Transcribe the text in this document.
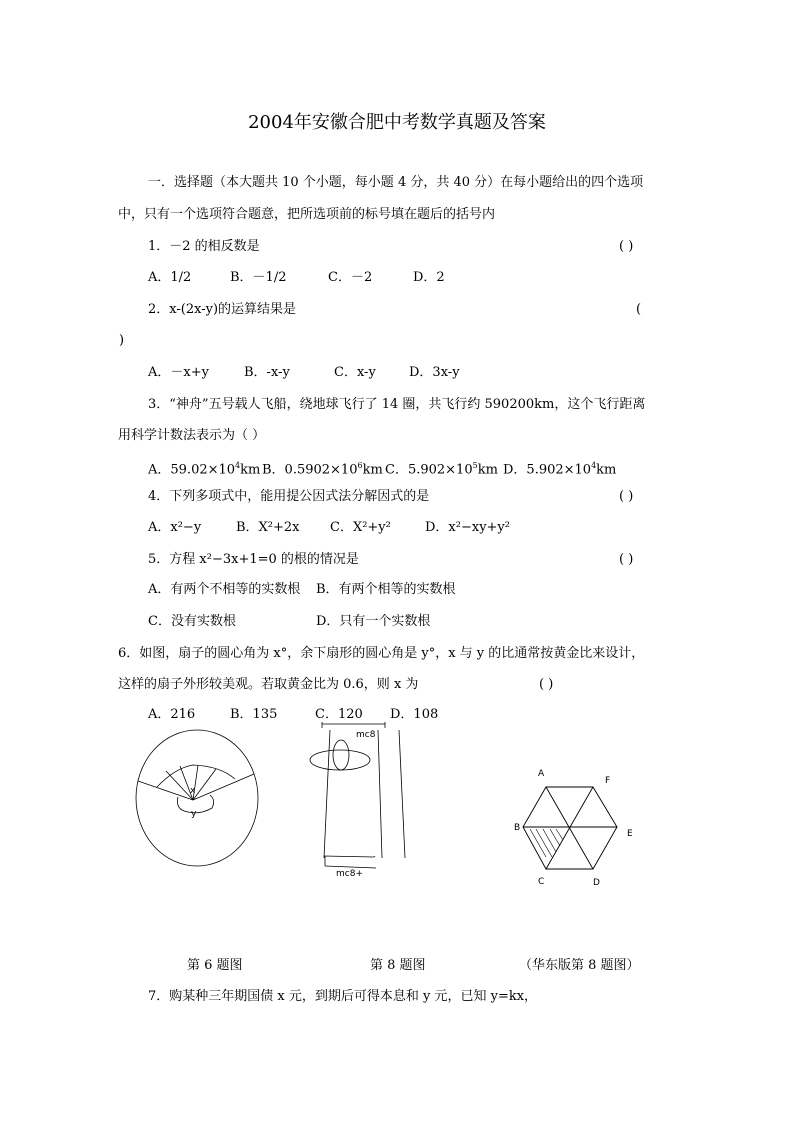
2004年安徽合肥中考数学真题及答案
一．选择题（本大题共 10 个小题，每小题 4 分，共 40 分）在每小题给出的四个选项
中，只有一个选项符合题意，把所选项前的标号填在题后的括号内
1．－2 的相反数是	( )
A．1/2	B．－1/2	C．－2	D．2
2．x-(2x-y)的运算结果是	(
)
A．－x+y	B．-x-y	C．x-y	D．3x-y
3．“神舟”五号载人飞船，绕地球飞行了 14 圈，共飞行约 590200km，这个飞行距离
用科学计数法表示为（ ）
A．$59.02\times 10^4km$ B．$0.5902\times 10^6km$ C．$5.902\times 10^5km$ D．$5.902\times 10^4km$
4．下列多项式中，能用提公因式法分解因式的是	( )
A．x²−y	B．X²+2x C．X²+y²	D．x²−xy+y²
5．方程 x²−3x+1=0 的根的情况是	( )
A．有两个不相等的实数根 B．有两个相等的实数根
C．没有实数根	D．只有一个实数根
6．如图，扇子的圆心角为 x°，余下扇形的圆心角是 y°，x 与 y 的比通常按黄金比来设计，
这样的扇子外形较美观。若取黄金比为 0.6，则 x 为	( )
A．216	B．135	C．120 D．108
x
y
mc8
mc8+
A
F
B
E
C	D
第 6 题图	第 8 题图	（华东版第 8 题图）
7．购某种三年期国债 x 元，到期后可得本息和 y 元，已知 y=kx，
